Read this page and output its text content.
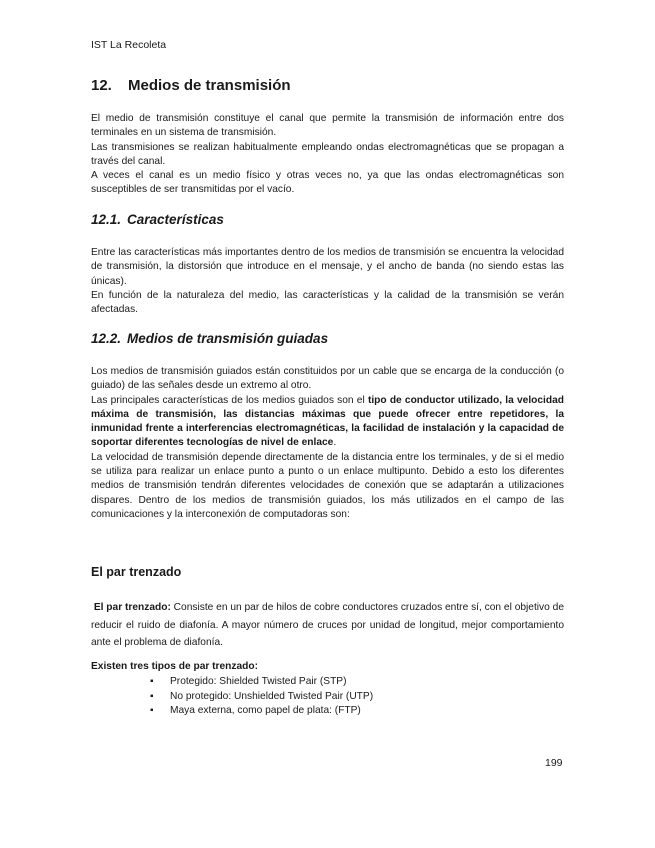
IST La Recoleta
12. Medios de transmisión

El medio de transmisión constituye el canal que permite la transmisión de información entre dos terminales en un sistema de transmisión.

Las transmisiones se realizan habitualmente empleando ondas electromagnéticas que se propagan a través del canal.

A veces el canal es un medio físico y otras veces no, ya que las ondas electromagnéticas son susceptibles de ser transmitidas por el vacío.

12.1. Características

Entre las características más importantes dentro de los medios de transmisión se encuentra la velocidad de transmisión, la distorsión que introduce en el mensaje, y el ancho de banda (no siendo estas las únicas).

En función de la naturaleza del medio, las características y la calidad de la transmisión se verán afectadas.

12.2. Medios de transmisión guiadas

Los medios de transmisión guiados están constituidos por un cable que se encarga de la conducción (o guiado) de las señales desde un extremo al otro.

Las principales características de los medios guiados son el tipo de conductor utilizado, la velocidad máxima de transmisión, las distancias máximas que puede ofrecer entre repetidores, la inmunidad frente a interferencias electromagnéticas, la facilidad de instalación y la capacidad de soportar diferentes tecnologías de nivel de enlace.

La velocidad de transmisión depende directamente de la distancia entre los terminales, y de si el medio se utiliza para realizar un enlace punto a punto o un enlace multipunto. Debido a esto los diferentes medios de transmisión tendrán diferentes velocidades de conexión que se adaptarán a utilizaciones dispares. Dentro de los medios de transmisión guiados, los más utilizados en el campo de las comunicaciones y la interconexión de computadoras son:

El par trenzado

El par trenzado: Consiste en un par de hilos de cobre conductores cruzados entre sí, con el objetivo de reducir el ruido de diafonía. A mayor número de cruces por unidad de longitud, mejor comportamiento ante el problema de diafonía.

Existen tres tipos de par trenzado:
▪ Protegido: Shielded Twisted Pair (STP)
▪ No protegido: Unshielded Twisted Pair (UTP)
▪ Maya externa, como papel de plata: (FTP)
199
